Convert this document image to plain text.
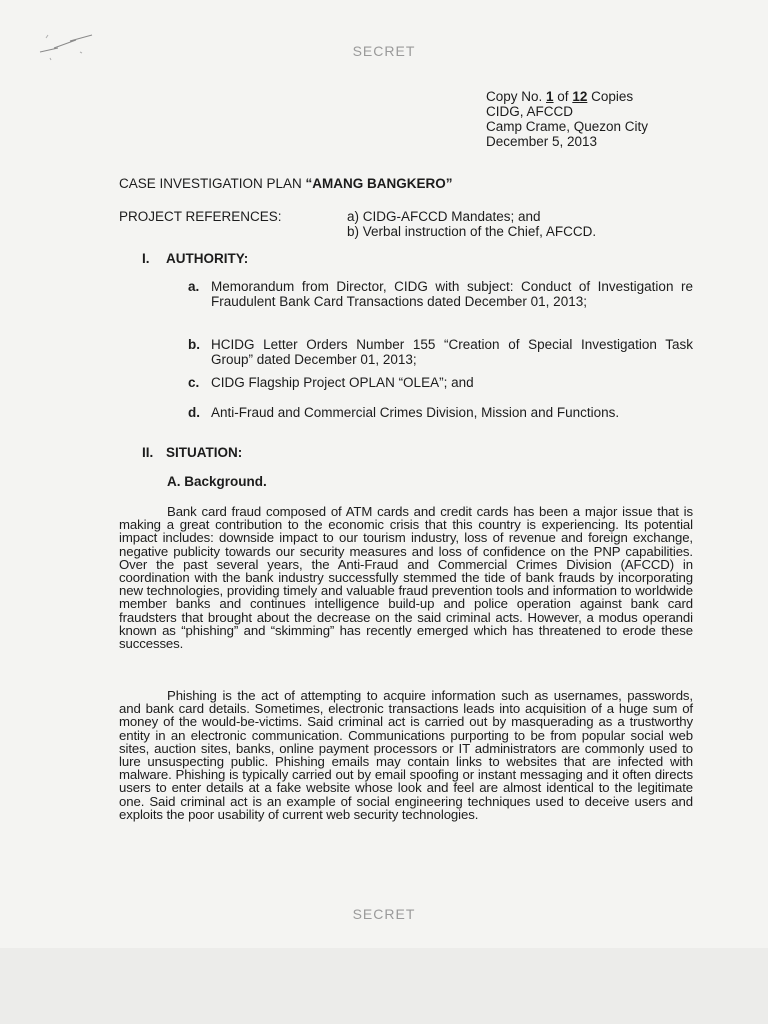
SECRET
Copy No. 1 of 12 Copies
CIDG, AFCCD
Camp Crame, Quezon City
December 5, 2013
CASE INVESTIGATION PLAN “AMANG BANGKERO”
PROJECT REFERENCES:	a) CIDG-AFCCD Mandates; and
b) Verbal instruction of the Chief, AFCCD.
I. AUTHORITY:
a. Memorandum from Director, CIDG with subject: Conduct of Investigation re Fraudulent Bank Card Transactions dated December 01, 2013;
b. HCIDG Letter Orders Number 155 “Creation of Special Investigation Task Group” dated December 01, 2013;
c. CIDG Flagship Project OPLAN “OLEA”; and
d. Anti-Fraud and Commercial Crimes Division, Mission and Functions.
II. SITUATION:
A. Background.
Bank card fraud composed of ATM cards and credit cards has been a major issue that is making a great contribution to the economic crisis that this country is experiencing. Its potential impact includes: downside impact to our tourism industry, loss of revenue and foreign exchange, negative publicity towards our security measures and loss of confidence on the PNP capabilities. Over the past several years, the Anti-Fraud and Commercial Crimes Division (AFCCD) in coordination with the bank industry successfully stemmed the tide of bank frauds by incorporating new technologies, providing timely and valuable fraud prevention tools and information to worldwide member banks and continues intelligence build-up and police operation against bank card fraudsters that brought about the decrease on the said criminal acts. However, a modus operandi known as “phishing” and “skimming” has recently emerged which has threatened to erode these successes.
Phishing is the act of attempting to acquire information such as usernames, passwords, and bank card details. Sometimes, electronic transactions leads into acquisition of a huge sum of money of the would-be-victims. Said criminal act is carried out by masquerading as a trustworthy entity in an electronic communication. Communications purporting to be from popular social web sites, auction sites, banks, online payment processors or IT administrators are commonly used to lure unsuspecting public. Phishing emails may contain links to websites that are infected with malware. Phishing is typically carried out by email spoofing or instant messaging and it often directs users to enter details at a fake website whose look and feel are almost identical to the legitimate one. Said criminal act is an example of social engineering techniques used to deceive users and exploits the poor usability of current web security technologies.
SECRET
